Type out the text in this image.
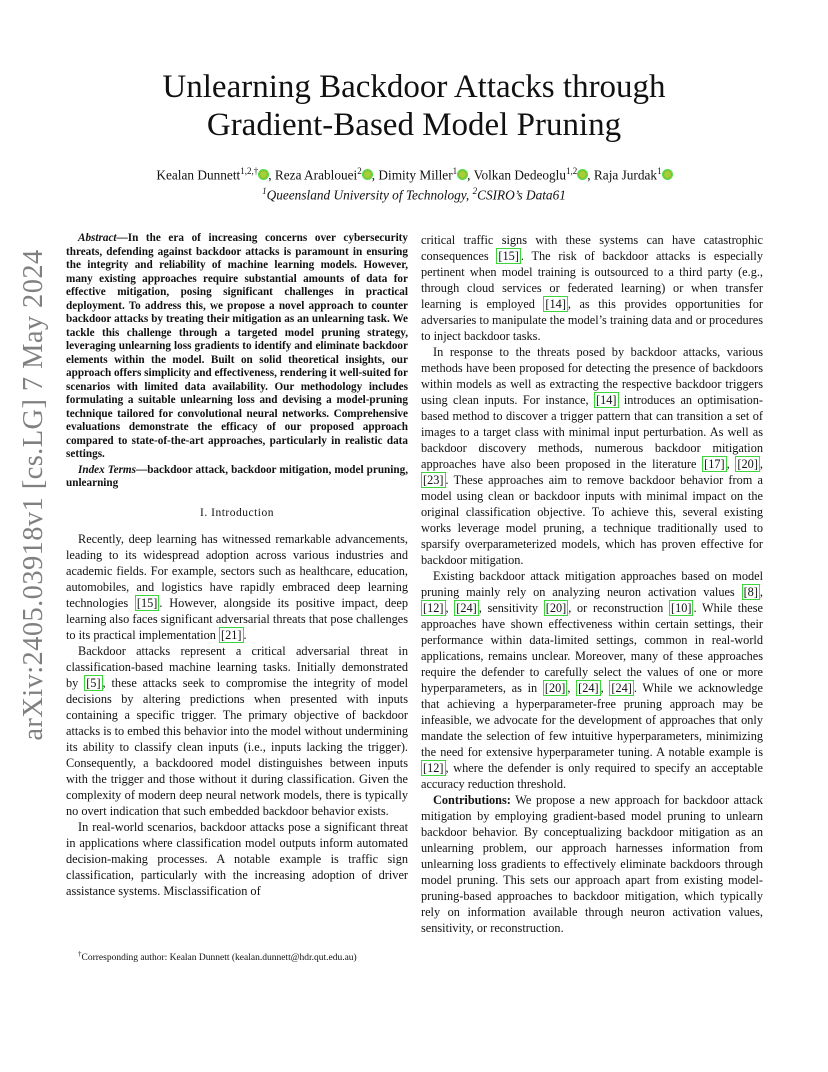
arXiv:2405.03918v1 [cs.LG] 7 May 2024
Unlearning Backdoor Attacks through
Gradient-Based Model Pruning
Kealan Dunnett$^{1,2,\dagger}$ , Reza Arablouei$^2$ , Dimity Miller$^1$ , Volkan Dedeoglu$^{1,2}$ , Raja Jurdak$^1$
$^1$Queensland University of Technology, $^2$CSIRO’s Data61
Abstract—In the era of increasing concerns over cybersecurity threats, defending against backdoor attacks is paramount in ensuring the integrity and reliability of machine learning models. However, many existing approaches require substantial amounts of data for effective mitigation, posing significant challenges in practical deployment. To address this, we propose a novel approach to counter backdoor attacks by treating their mitigation as an unlearning task. We tackle this challenge through a targeted model pruning strategy, leveraging unlearning loss gradients to identify and eliminate backdoor elements within the model. Built on solid theoretical insights, our approach offers simplicity and effectiveness, rendering it well-suited for scenarios with limited data availability. Our methodology includes formulating a suitable unlearning loss and devising a model-pruning technique tailored for convolutional neural networks. Comprehensive evaluations demonstrate the efficacy of our proposed approach compared to state-of-the-art approaches, particularly in realistic data settings.
Index Terms—backdoor attack, backdoor mitigation, model pruning, unlearning
I. Introduction

Recently, deep learning has witnessed remarkable advancements, leading to its widespread adoption across various industries and academic fields. For example, sectors such as healthcare, education, automobiles, and logistics have rapidly embraced deep learning technologies [15] . However, alongside its positive impact, deep learning also faces significant adversarial threats that pose challenges to its practical implementation [21] .

Backdoor attacks represent a critical adversarial threat in classification-based machine learning tasks. Initially demonstrated by [5] , these attacks seek to compromise the integrity of model decisions by altering predictions when presented with inputs containing a specific trigger. The primary objective of backdoor attacks is to embed this behavior into the model without undermining its ability to classify clean inputs (i.e., inputs lacking the trigger). Consequently, a backdoored model distinguishes between inputs with the trigger and those without it during classification. Given the complexity of modern deep neural network models, there is typically no overt indication that such embedded backdoor behavior exists.

In real-world scenarios, backdoor attacks pose a significant threat in applications where classification model outputs inform automated decision-making processes. A notable example is traffic sign classification, particularly with the increasing adoption of driver assistance systems. Misclassification of

†Corresponding author: Kealan Dunnett (kealan.dunnett@hdr.qut.edu.au)

critical traffic signs with these systems can have catastrophic consequences [15] . The risk of backdoor attacks is especially pertinent when model training is outsourced to a third party (e.g., through cloud services or federated learning) or when transfer learning is employed [14] , as this provides opportunities for adversaries to manipulate the model’s training data and or procedures to inject backdoor tasks.

In response to the threats posed by backdoor attacks, various methods have been proposed for detecting the presence of backdoors within models as well as extracting the respective backdoor triggers using clean inputs. For instance, [14] introduces an optimisation-based method to discover a trigger pattern that can transition a set of images to a target class with minimal input perturbation. As well as backdoor discovery methods, numerous backdoor mitigation approaches have also been proposed in the literature [17] , [20] , [23] . These approaches aim to remove backdoor behavior from a model using clean or backdoor inputs with minimal impact on the original classification objective. To achieve this, several existing works leverage model pruning, a technique traditionally used to sparsify overparameterized models, which has proven effective for backdoor mitigation.

Existing backdoor attack mitigation approaches based on model pruning mainly rely on analyzing neuron activation values [8] , [12] , [24] , sensitivity [20] , or reconstruction [10] . While these approaches have shown effectiveness within certain settings, their performance within data-limited settings, common in real-world applications, remains unclear. Moreover, many of these approaches require the defender to carefully select the values of one or more hyperparameters, as in [20] , [24] , [24] . While we acknowledge that achieving a hyperparameter-free pruning approach may be infeasible, we advocate for the development of approaches that only mandate the selection of few intuitive hyperparameters, minimizing the need for extensive hyperparameter tuning. A notable example is [12] , where the defender is only required to specify an acceptable accuracy reduction threshold.

Contributions: We propose a new approach for backdoor attack mitigation by employing gradient-based model pruning to unlearn backdoor behavior. By conceptualizing backdoor mitigation as an unlearning problem, our approach harnesses information from unlearning loss gradients to effectively eliminate backdoors through model pruning. This sets our approach apart from existing model-pruning-based approaches to backdoor mitigation, which typically rely on information available through neuron activation values, sensitivity, or reconstruction.
